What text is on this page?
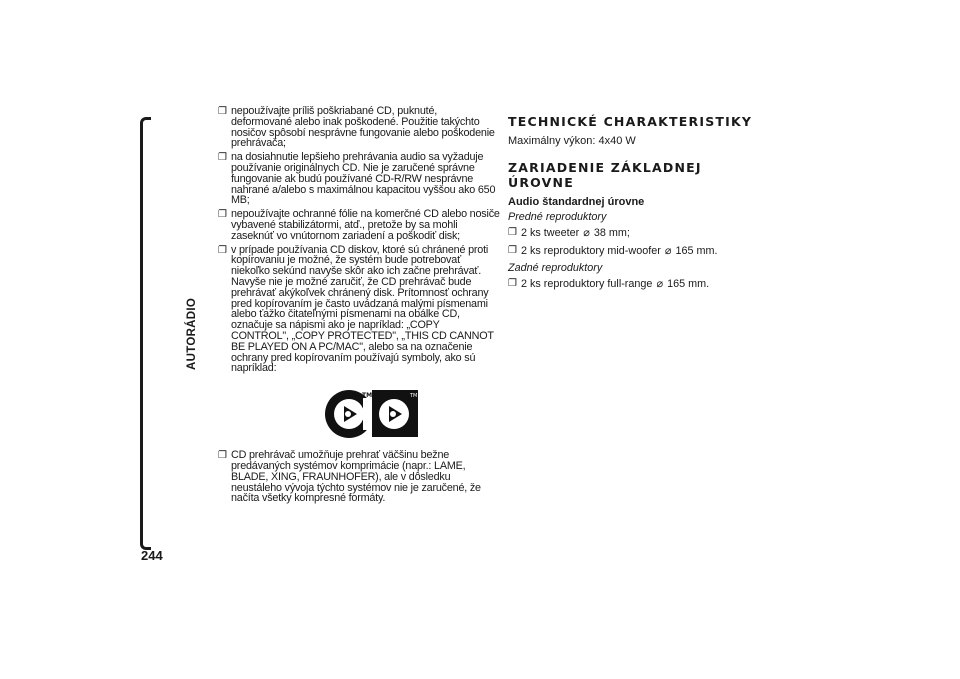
AUTORÁDIO
244
❐ nepoužívajte príliš poškriabané CD, puknuté, deformované alebo inak poškodené. Použitie takýchto nosičov spôsobí nesprávne fungovanie alebo poškodenie prehrávača;
❐ na dosiahnutie lepšieho prehrávania audio sa vyžaduje používanie originálnych CD. Nie je zaručené správne fungovanie ak budú používané CD-R/RW nesprávne nahrané a/alebo s maximálnou kapacitou vyššou ako 650 MB;
❐ nepoužívajte ochranné fólie na komerčné CD alebo nosiče vybavené stabilizátormi, atď., pretože by sa mohli zaseknúť vo vnútornom zariadení a poškodiť disk;
❐ v prípade používania CD diskov, ktoré sú chránené proti kopírovaniu je možné, že systém bude potrebovať niekoľko sekúnd navyše skôr ako ich začne prehrávať. Navyše nie je možné zaručiť, že CD prehrávač bude prehrávať akýkoľvek chránený disk. Prítomnosť ochrany pred kopírovaním je často uvádzaná malými písmenami alebo ťažko čitateľnými písmenami na obálke CD, označuje sa nápismi ako je napríklad: „COPY CONTROL", „COPY PROTECTED", „THIS CD CANNOT BE PLAYED ON A PC/MAC", alebo sa na označenie ochrany pred kopírovaním používajú symboly, ako sú napríklad:
TM	TM
❐ CD prehrávač umožňuje prehrať väčšinu bežne predávaných systémov komprimácie (napr.: LAME, BLADE, XING, FRAUNHOFER), ale v dôsledku neustáleho vývoja týchto systémov nie je zaručené, že načíta všetky kompresné formáty.
TECHNICKÉ CHARAKTERISTIKY
Maximálny výkon: 4x40 W
ZARIADENIE ZÁKLADNEJ ÚROVNE
Audio štandardnej úrovne
Predné reproduktory
❐ 2 ks tweeter ⌀ 38 mm;
❐ 2 ks reproduktory mid-woofer ⌀ 165 mm.
Zadné reproduktory
❐ 2 ks reproduktory full-range ⌀ 165 mm.
